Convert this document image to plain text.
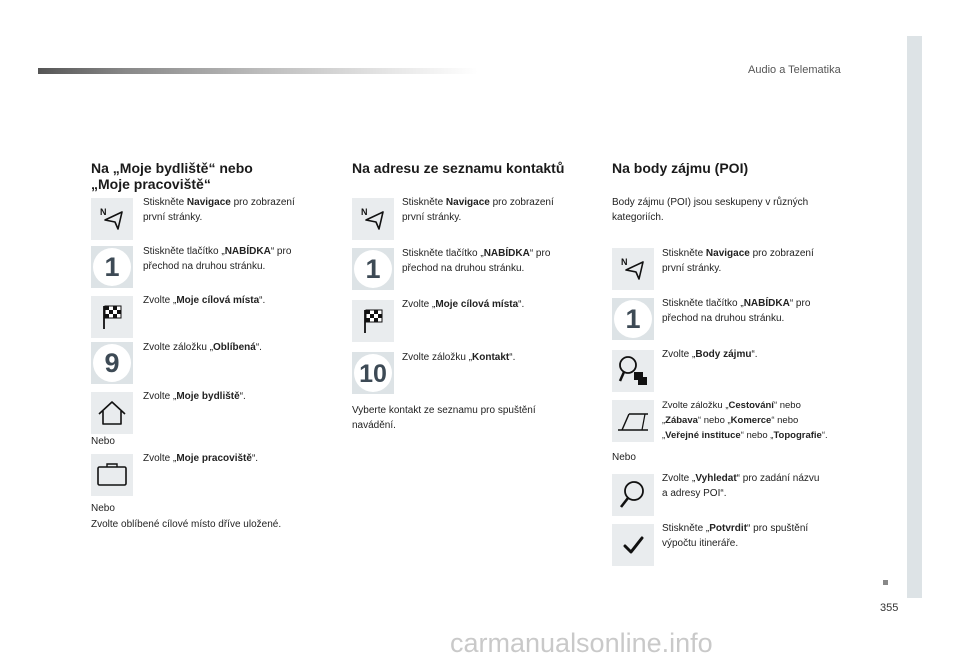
Audio a Telematika
355
carmanualsonline.info
Na „Moje bydliště“ nebo „Moje pracoviště“
N
Stiskněte Navigace pro zobrazení
první stránky.
1
Stiskněte tlačítko „NABÍDKA“ pro
přechod na druhou stránku.
Zvolte „Moje cílová místa“.
9
Zvolte záložku „Oblíbená“.
Zvolte „Moje bydliště“.
Nebo
Zvolte „Moje pracoviště“.
Nebo
Zvolte oblíbené cílové místo dříve uložené.
Na adresu ze seznamu kontaktů
N
Stiskněte Navigace pro zobrazení
první stránky.
1
Stiskněte tlačítko „NABÍDKA“ pro
přechod na druhou stránku.
Zvolte „Moje cílová místa“.
10
Zvolte záložku „Kontakt“.
Vyberte kontakt ze seznamu pro spuštění
navádění.
Na body zájmu (POI)
Body zájmu (POI) jsou seskupeny v různých
kategoriích.
N
Stiskněte Navigace pro zobrazení
první stránky.
1
Stiskněte tlačítko „NABÍDKA“ pro
přechod na druhou stránku.
Zvolte „Body zájmu“.
Zvolte záložku „Cestování“ nebo
„Zábava“ nebo „Komerce“ nebo
„Veřejné instituce“ nebo „Topografie“.
Nebo
Zvolte „Vyhledat“ pro zadání názvu
a adresy POI“.
Stiskněte „Potvrdit“ pro spuštění
výpočtu itineráře.
